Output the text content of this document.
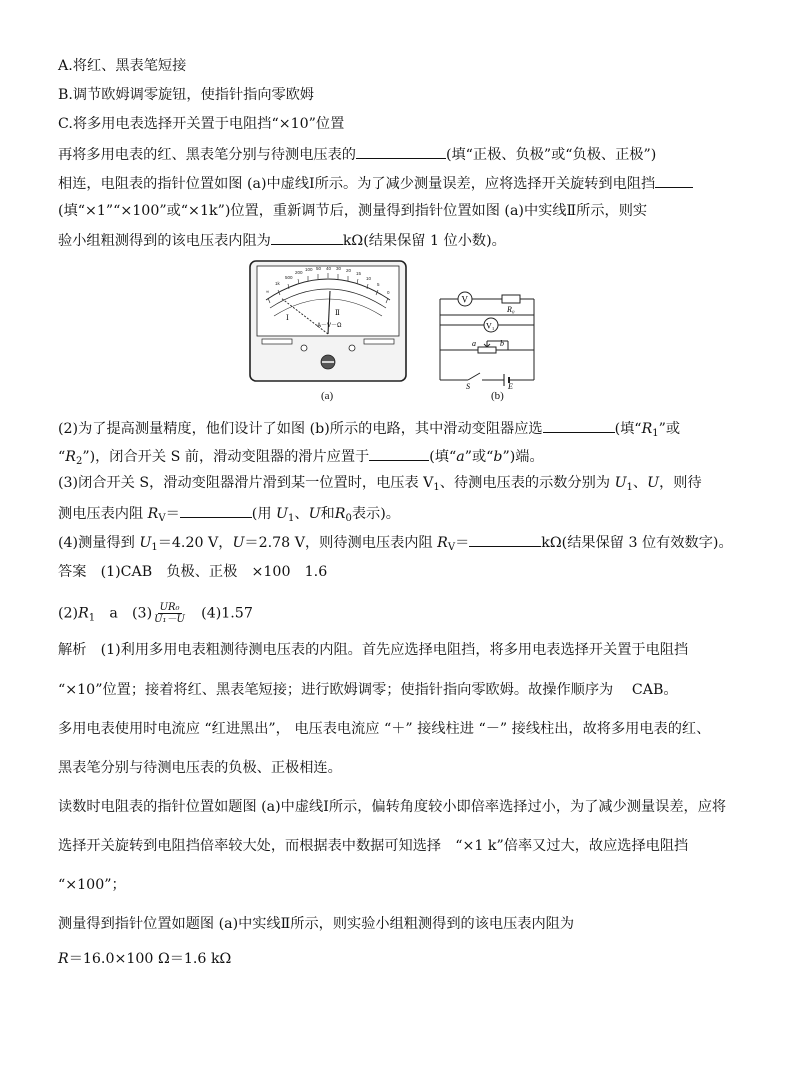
A.将红、黑表笔短接
B.调节欧姆调零旋钮，使指针指向零欧姆
C.将多用电表选择开关置于电阻挡“×10”位置
再将多用电表的红、黑表笔分别与待测电压表的	(填“正极、负极”或“负极、正极”)
相连，电阻表的指针位置如图 (a)中虚线Ⅰ所示。为了减少测量误差，应将选择开关旋转到电阻挡
(填“×1”“×100”或“×1k”)位置，重新调节后，测量得到指针位置如图 (a)中实线Ⅱ所示，则实
验小组粗测得到的该电压表内阻为	kΩ(结果保留 1 位小数)。
∞
1k
500
200
100 50 40 30 20
15
10
5
0
Ⅰ
Ⅱ
A－V－Ω
(a)
V
R₀
V₁
a	b
S	E
(b)
(2)为了提高测量精度，他们设计了如图 (b)所示的电路，其中滑动变阻器应选	(填“$R_1$”或
“$R_2$”)，闭合开关 S 前，滑动变阻器的滑片应置于	(填“a”或“b”)端。
(3)闭合开关 S，滑动变阻器滑片滑到某一位置时，电压表 $V_1$、待测电压表的示数分别为 $U_1$、U，则待
测电压表内阻 $R_V=$	(用 $U_1$、U和$R_0$表示)。
(4)测量得到 $U_1=4.20$ V，U＝2.78 V，则待测电压表内阻 $R_V=$	kΩ(结果保留 3 位有效数字)。
答案　(1)CAB　负极、正极　×100　1.6
$(2)R_1$　a　$(3) \frac{\text{UR₀}}{\text{U₁－U}}$ 　(4)1.57
解析　(1)利用多用电表粗测待测电压表的内阻。首先应选择电阻挡，将多用电表选择开关置于电阻挡
“×10”位置；接着将红、黑表笔短接；进行欧姆调零；使指针指向零欧姆。故操作顺序为　 CAB。
多用电表使用时电流应 “红进黑出”， 电压表电流应 “＋” 接线柱进 “－” 接线柱出，故将多用电表的红、
黑表笔分别与待测电压表的负极、正极相连。
读数时电阻表的指针位置如题图 (a)中虚线Ⅰ所示，偏转角度较小即倍率选择过小，为了减少测量误差，应将
选择开关旋转到电阻挡倍率较大处，而根据表中数据可知选择　“×1 k”倍率又过大，故应选择电阻挡
“×100”；
测量得到指针位置如题图 (a)中实线Ⅱ所示，则实验小组粗测得到的该电压表内阻为
R＝16.0×100 Ω＝1.6 kΩ
